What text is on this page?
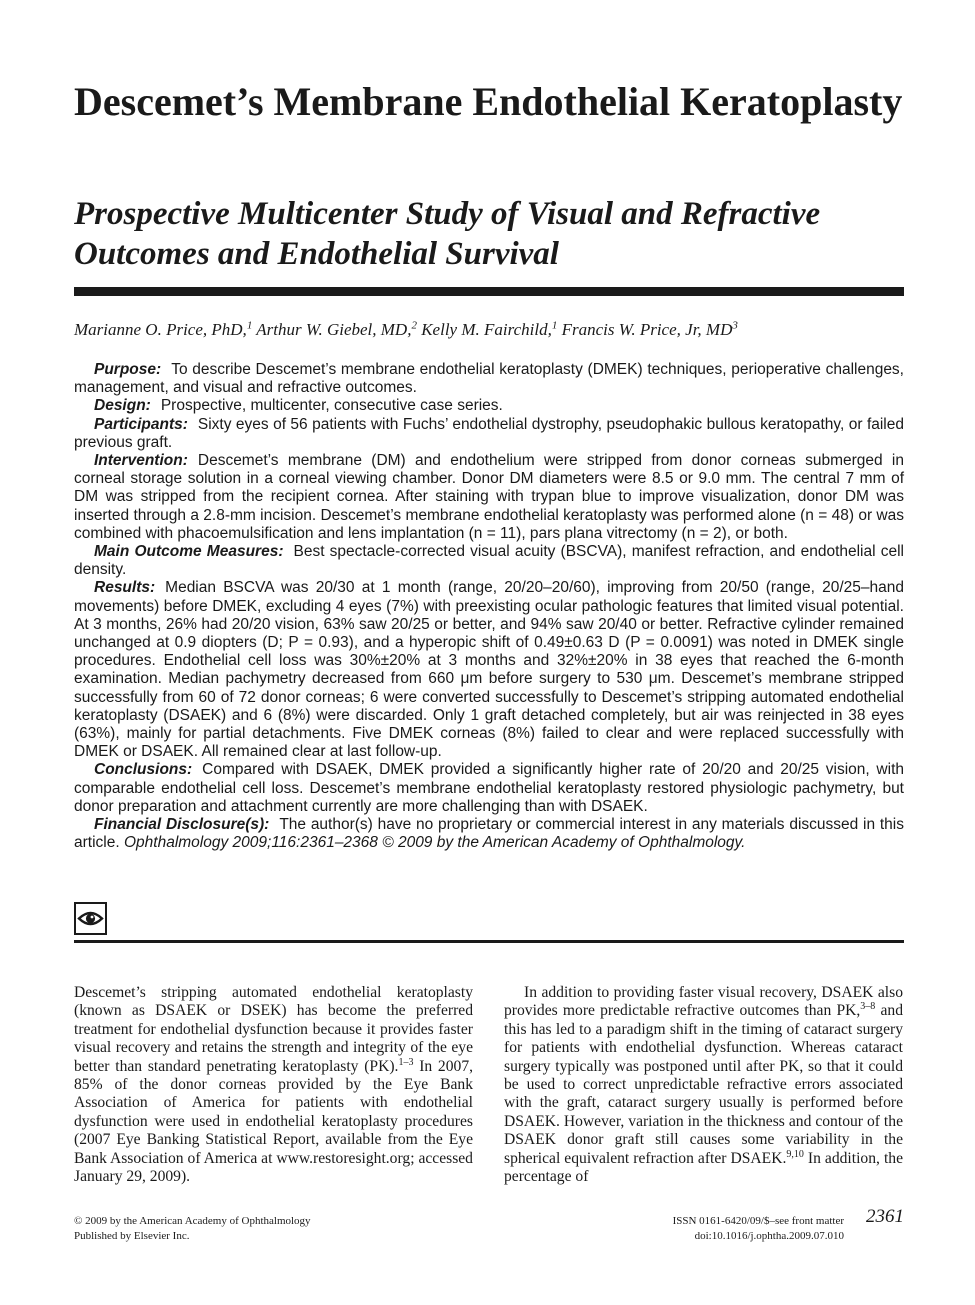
Descemet’s Membrane Endothelial Keratoplasty
Prospective Multicenter Study of Visual and Refractive Outcomes and Endothelial Survival
Marianne O. Price, PhD,$^1$ Arthur W. Giebel, MD,$^2$ Kelly M. Fairchild,$^1$ Francis W. Price, Jr, $MD^3$

Purpose: To describe Descemet’s membrane endothelial keratoplasty (DMEK) techniques, perioperative challenges, management, and visual and refractive outcomes.

Design: Prospective, multicenter, consecutive case series.

Participants: Sixty eyes of 56 patients with Fuchs’ endothelial dystrophy, pseudophakic bullous keratopathy, or failed previous graft.

Intervention: Descemet’s membrane (DM) and endothelium were stripped from donor corneas submerged in corneal storage solution in a corneal viewing chamber. Donor DM diameters were 8.5 or 9.0 mm. The central 7 mm of DM was stripped from the recipient cornea. After staining with trypan blue to improve visualization, donor DM was inserted through a 2.8-mm incision. Descemet’s membrane endothelial keratoplasty was performed alone (n = 48) or was combined with phacoemulsification and lens implantation (n = 11), pars plana vitrectomy (n = 2), or both.

Main Outcome Measures: Best spectacle-corrected visual acuity (BSCVA), manifest refraction, and endothelial cell density.

Results: Median BSCVA was 20/30 at 1 month (range, 20/20–20/60), improving from 20/50 (range, 20/25–hand movements) before DMEK, excluding 4 eyes (7%) with preexisting ocular pathologic features that limited visual potential. At 3 months, 26% had 20/20 vision, 63% saw 20/25 or better, and 94% saw 20/40 or better. Refractive cylinder remained unchanged at 0.9 diopters (D; P = 0.93), and a hyperopic shift of 0.49±0.63 D (P = 0.0091) was noted in DMEK single procedures. Endothelial cell loss was 30%±20% at 3 months and 32%±20% in 38 eyes that reached the 6-month examination. Median pachymetry decreased from 660 μm before surgery to 530 μm. Descemet’s membrane stripped successfully from 60 of 72 donor corneas; 6 were converted successfully to Descemet’s stripping automated endothelial keratoplasty (DSAEK) and 6 (8%) were discarded. Only 1 graft detached completely, but air was reinjected in 38 eyes (63%), mainly for partial detachments. Five DMEK corneas (8%) failed to clear and were replaced successfully with DMEK or DSAEK. All remained clear at last follow-up.

Conclusions: Compared with DSAEK, DMEK provided a significantly higher rate of 20/20 and 20/25 vision, with comparable endothelial cell loss. Descemet’s membrane endothelial keratoplasty restored physiologic pachymetry, but donor preparation and attachment currently are more challenging than with DSAEK.

Financial Disclosure(s): The author(s) have no proprietary or commercial interest in any materials discussed in this article. Ophthalmology 2009;116:2361–2368 © 2009 by the American Academy of Ophthalmology.

Descemet’s stripping automated endothelial keratoplasty (known as DSAEK or DSEK) has become the preferred treatment for endothelial dysfunction because it provides faster visual recovery and retains the strength and integrity of the eye better than standard penetrating keratoplasty (PK).$^{1-3}$ In 2007, 85% of the donor corneas provided by the Eye Bank Association of America for patients with endothelial dysfunction were used in endothelial keratoplasty procedures (2007 Eye Banking Statistical Report, available from the Eye Bank Association of America at www.restoresight.org; accessed January 29, 2009).

In addition to providing faster visual recovery, DSAEK also provides more predictable refractive outcomes than PK,$^{3-8}$ and this has led to a paradigm shift in the timing of cataract surgery for patients with endothelial dysfunction. Whereas cataract surgery typically was postponed until after PK, so that it could be used to correct unpredictable refractive errors associated with the graft, cataract surgery usually is performed before DSAEK. However, variation in the thickness and contour of the DSAEK donor graft still causes some variability in the spherical equivalent refraction after DSAEK.$^{9,10}$ In addition, the percentage of

© 2009 by the American Academy of Ophthalmology
Published by Elsevier Inc.
ISSN 0161-6420/09/$–see front matter
doi:10.1016/j.ophtha.2009.07.010
2361
